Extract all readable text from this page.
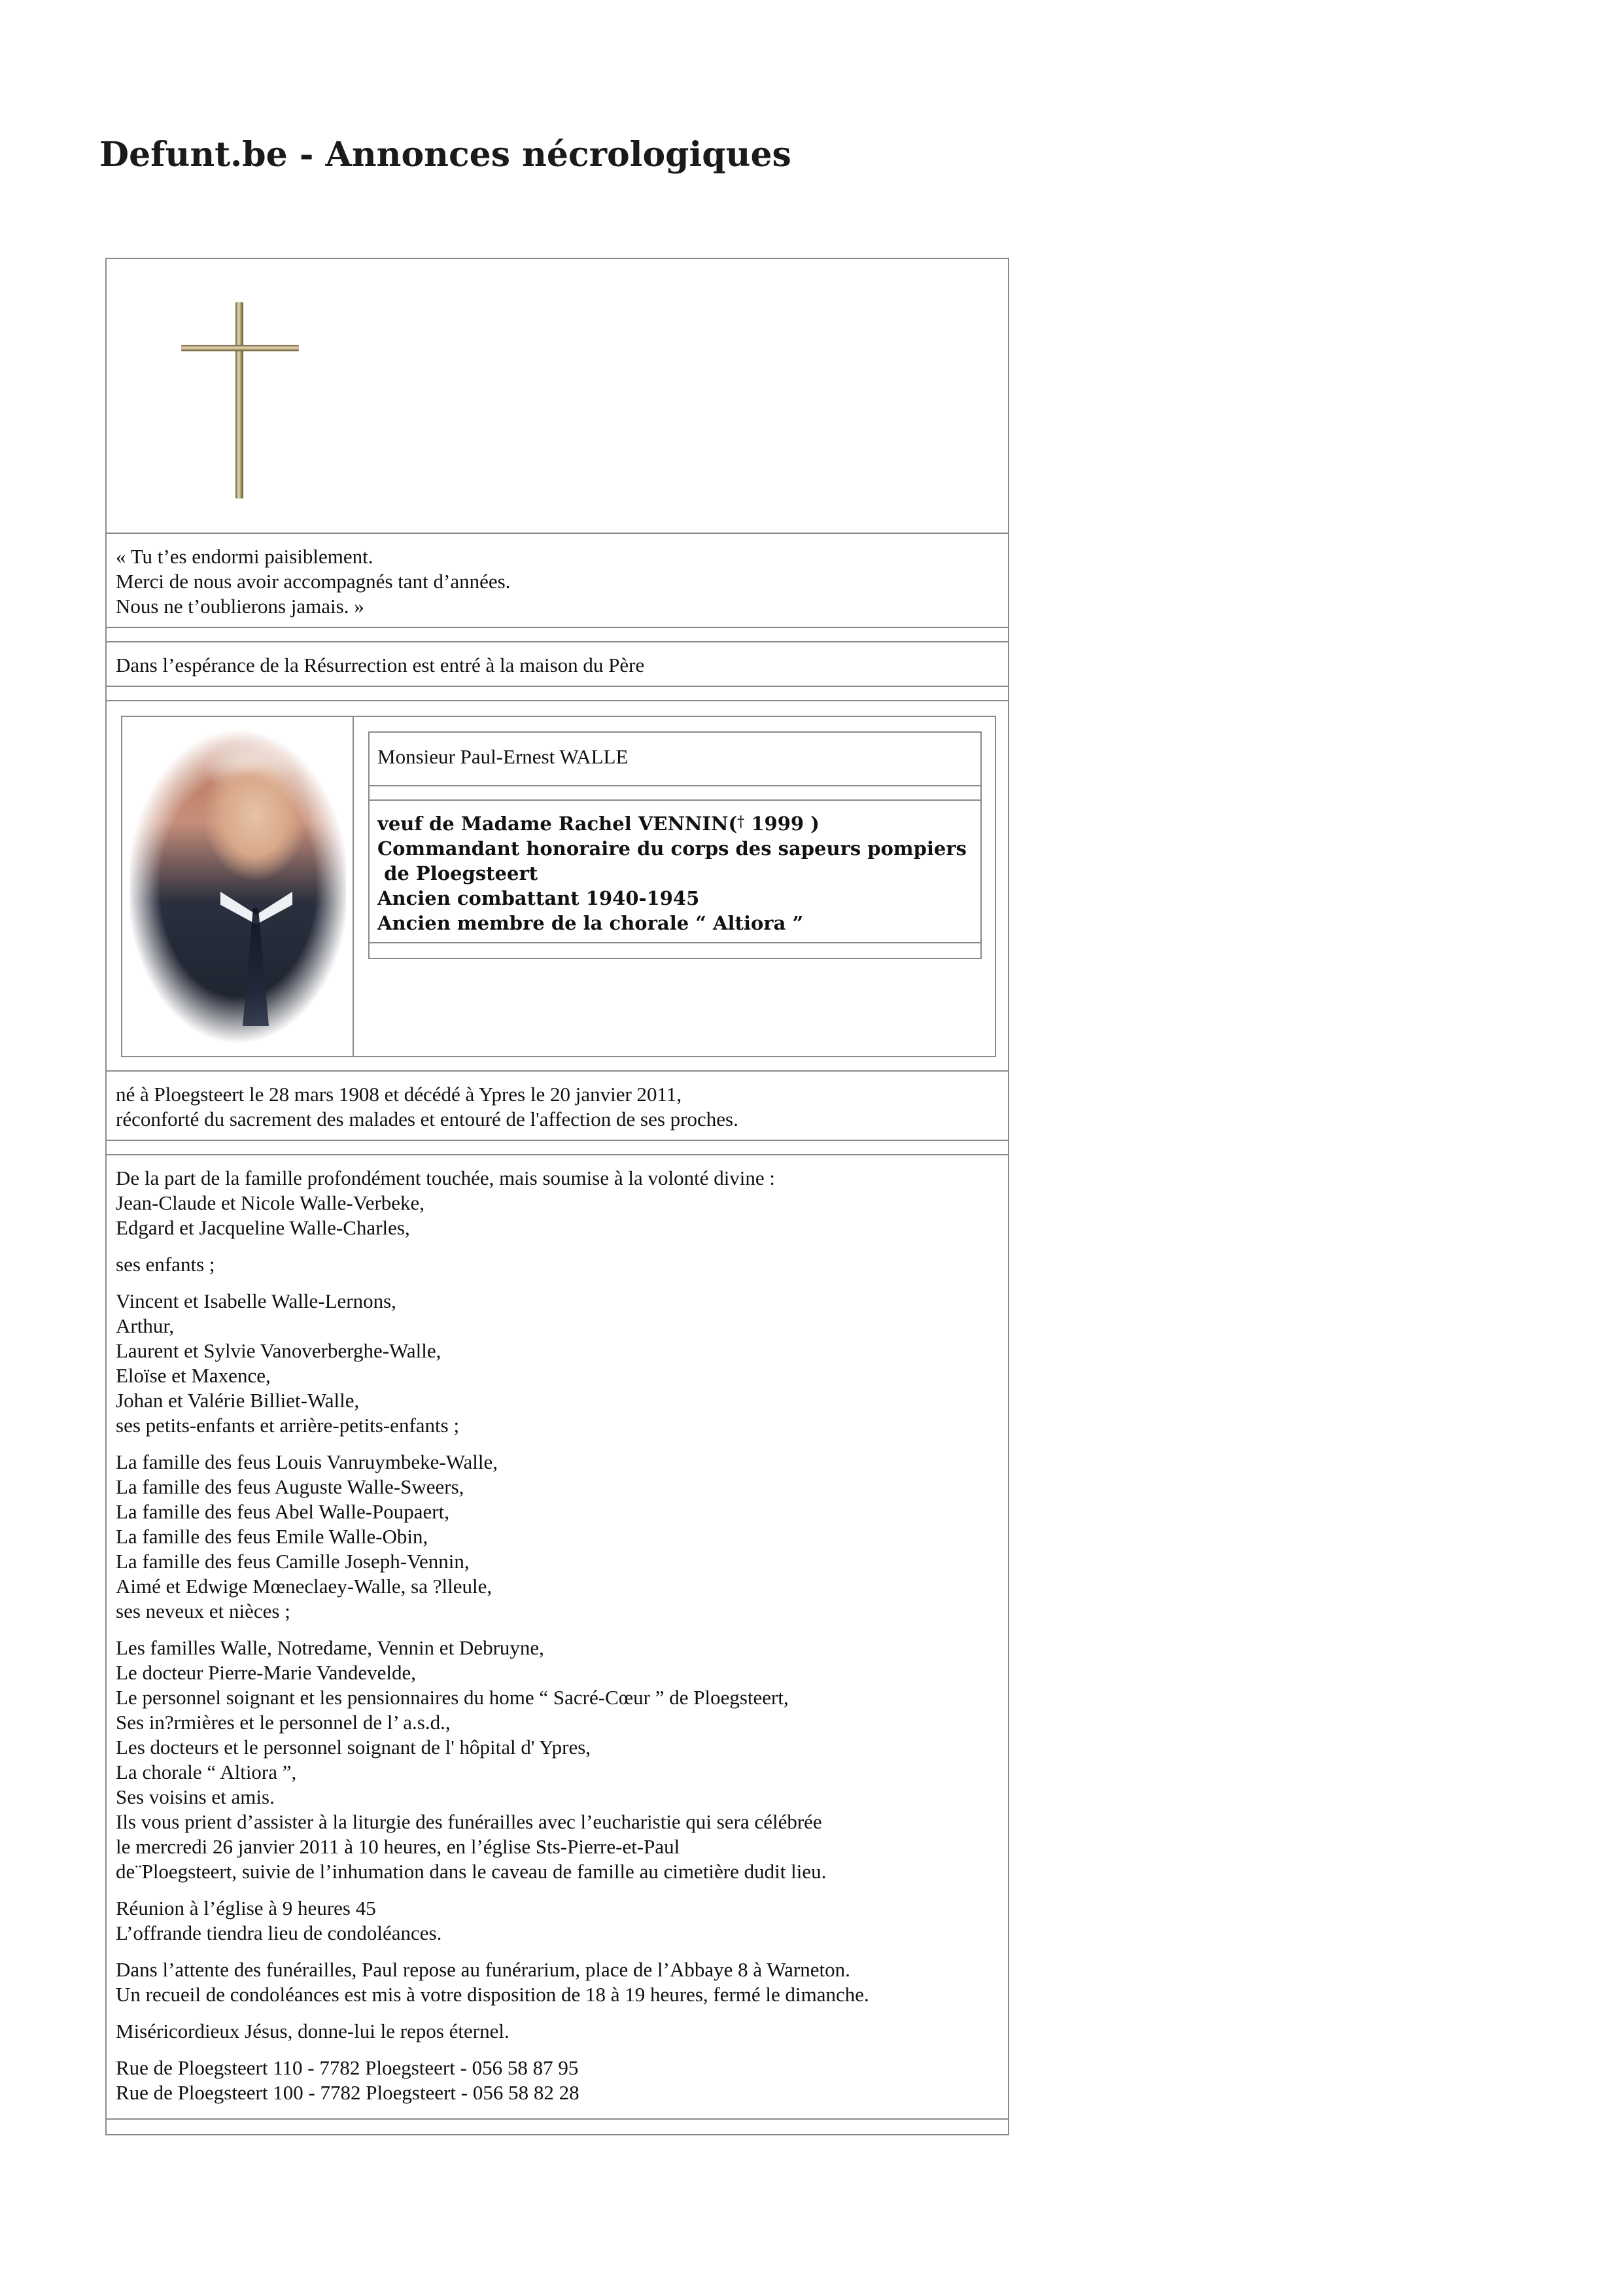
Defunt.be - Annonces nécrologiques
« Tu t’es endormi paisiblement.
Merci de nous avoir accompagnés tant d’années.
Nous ne t’oublierons jamais. »
Dans l’espérance de la Résurrection est entré à la maison du Père
Monsieur Paul-Ernest WALLE
veuf de Madame Rachel VENNIN(† 1999 )
Commandant honoraire du corps des sapeurs pompiers
de Ploegsteert
Ancien combattant 1940-1945
Ancien membre de la chorale “ Altiora ”
né à Ploegsteert le 28 mars 1908 et décédé à Ypres le 20 janvier 2011,
réconforté du sacrement des malades et entouré de l'affection de ses proches.

De la part de la famille profondément touchée, mais soumise à la volonté divine :
Jean-Claude et Nicole Walle-Verbeke,
Edgard et Jacqueline Walle-Charles,

ses enfants ;

Vincent et Isabelle Walle-Lernons,
Arthur,
Laurent et Sylvie Vanoverberghe-Walle,
Eloïse et Maxence,
Johan et Valérie Billiet-Walle,
ses petits-enfants et arrière-petits-enfants ;

La famille des feus Louis Vanruymbeke-Walle,
La famille des feus Auguste Walle-Sweers,
La famille des feus Abel Walle-Poupaert,
La famille des feus Emile Walle-Obin,
La famille des feus Camille Joseph-Vennin,
Aimé et Edwige Mœneclaey-Walle, sa ?lleule,
ses neveux et nièces ;

Les familles Walle, Notredame, Vennin et Debruyne,
Le docteur Pierre-Marie Vandevelde,
Le personnel soignant et les pensionnaires du home “ Sacré-Cœur ” de Ploegsteert,
Ses in?rmières et le personnel de l’ a.s.d.,
Les docteurs et le personnel soignant de l' hôpital d' Ypres,
La chorale “ Altiora ”,
Ses voisins et amis.
Ils vous prient d’assister à la liturgie des funérailles avec l’eucharistie qui sera célébrée
le mercredi 26 janvier 2011 à 10 heures, en l’église Sts-Pierre-et-Paul
de¨Ploegsteert, suivie de l’inhumation dans le caveau de famille au cimetière dudit lieu.

Réunion à l’église à 9 heures 45
L’offrande tiendra lieu de condoléances.

Dans l’attente des funérailles, Paul repose au funérarium, place de l’Abbaye 8 à Warneton.
Un recueil de condoléances est mis à votre disposition de 18 à 19 heures, fermé le dimanche.

Miséricordieux Jésus, donne-lui le repos éternel.

Rue de Ploegsteert 110 - 7782 Ploegsteert - 056 58 87 95
Rue de Ploegsteert 100 - 7782 Ploegsteert - 056 58 82 28
